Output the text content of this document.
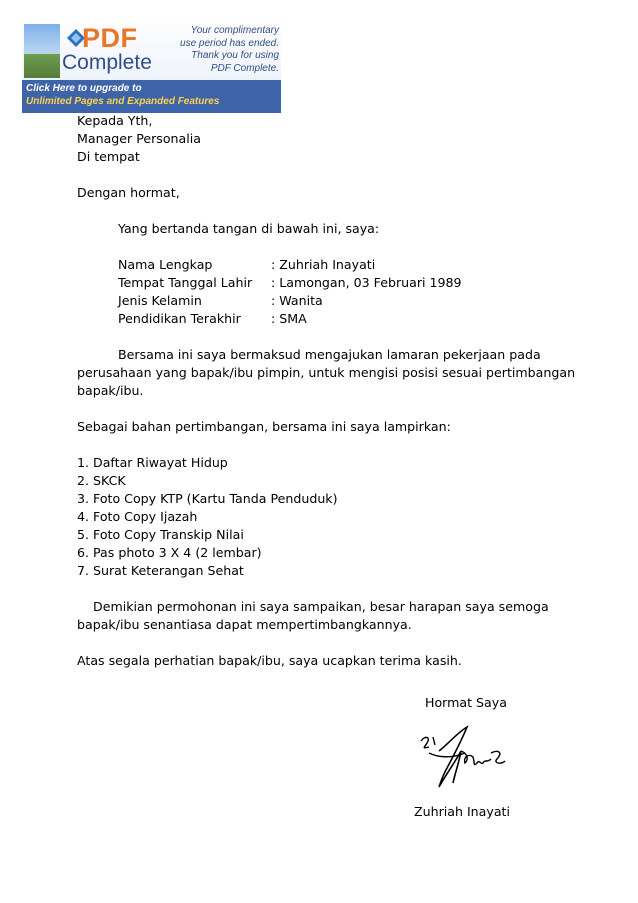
PDF
Complete
Your complimentary
use period has ended.
Thank you for using
PDF Complete.
Click Here to upgrade to
Unlimited Pages and Expanded Features
Kepada Yth,
Manager Personalia
Di tempat
Dengan hormat,
Yang bertanda tangan di bawah ini, saya:
Nama Lengkap	: Zuhriah Inayati
Tempat Tanggal Lahir	: Lamongan, 03 Februari 1989
Jenis Kelamin	: Wanita
Pendidikan Terakhir	: SMA
Bersama ini saya bermaksud mengajukan lamaran pekerjaan pada
perusahaan yang bapak/ibu pimpin, untuk mengisi posisi sesuai pertimbangan
bapak/ibu.
Sebagai bahan pertimbangan, bersama ini saya lampirkan:
1. Daftar Riwayat Hidup
2. SKCK
3. Foto Copy KTP (Kartu Tanda Penduduk)
4. Foto Copy Ijazah
5. Foto Copy Transkip Nilai
6. Pas photo 3 X 4 (2 lembar)
7. Surat Keterangan Sehat
Demikian permohonan ini saya sampaikan, besar harapan saya semoga
bapak/ibu senantiasa dapat mempertimbangkannya.
Atas segala perhatian bapak/ibu, saya ucapkan terima kasih.
Hormat Saya
Zuhriah Inayati
